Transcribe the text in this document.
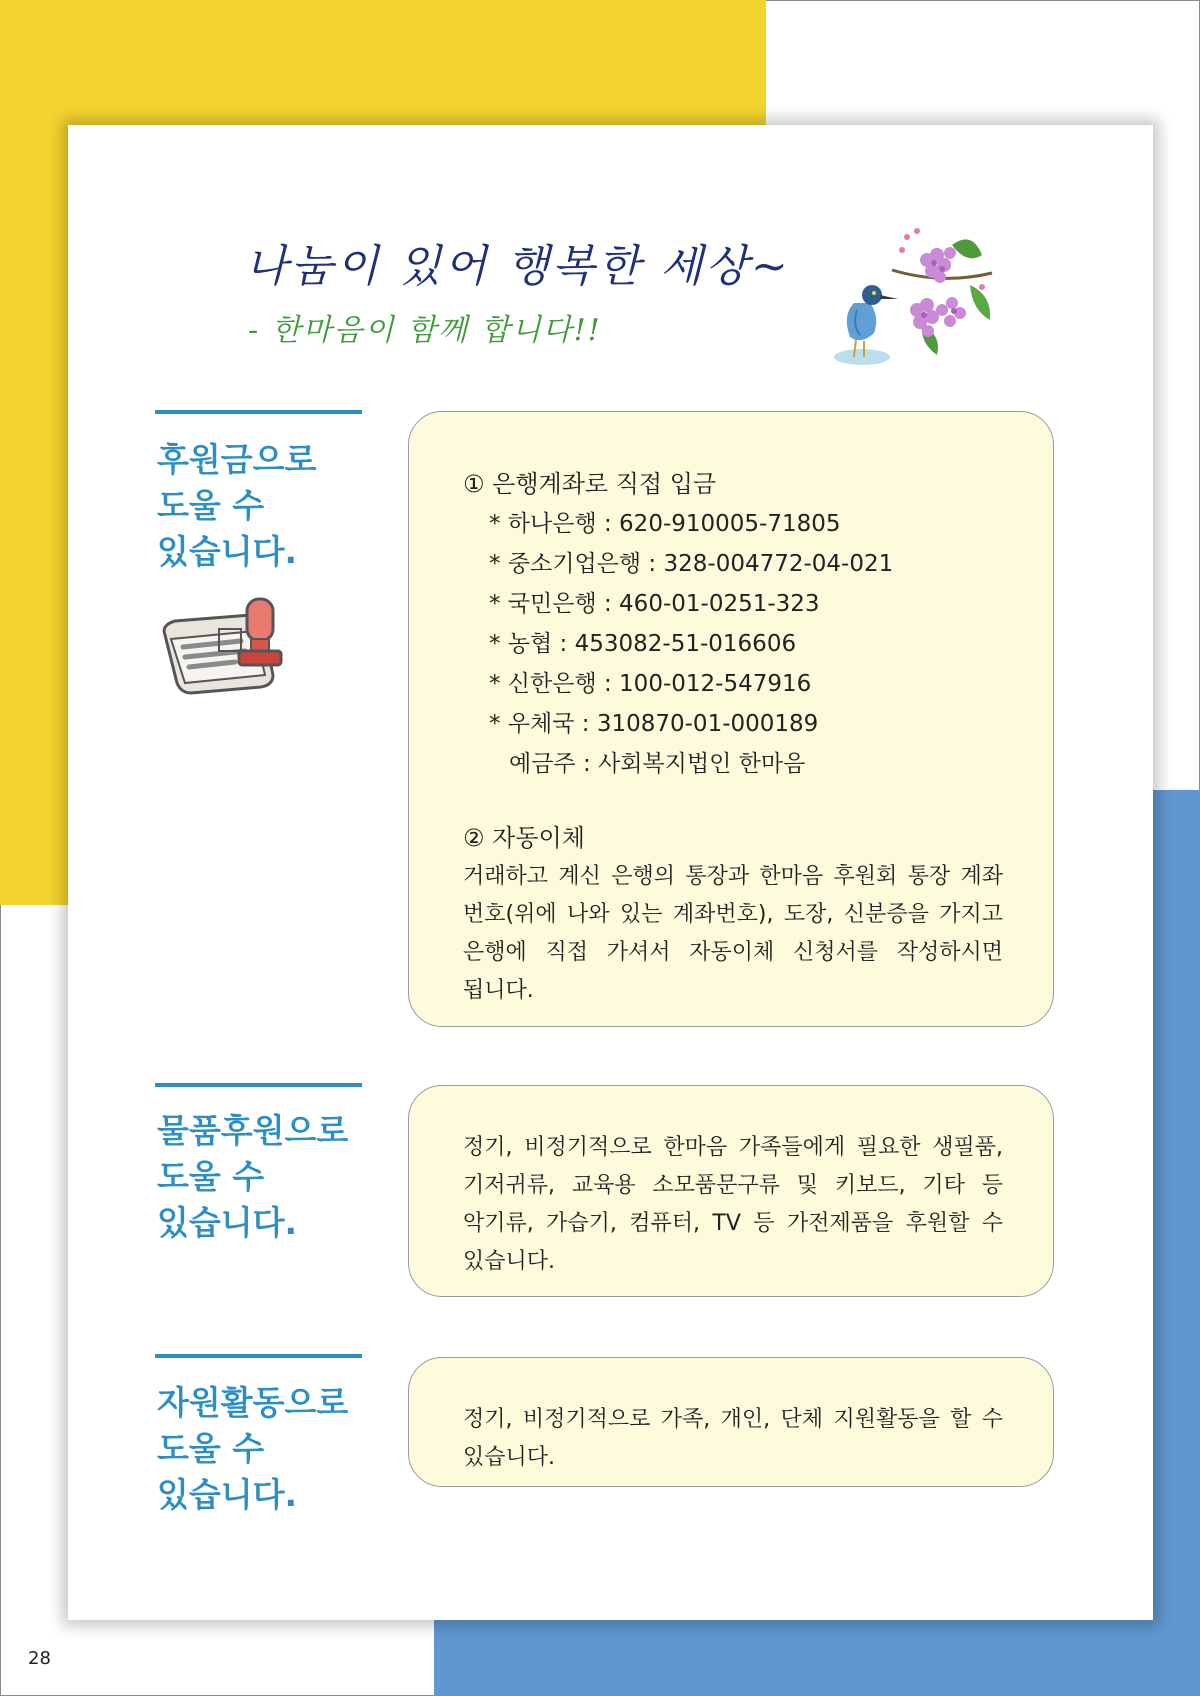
나눔이 있어 행복한 세상~
- 한마음이 함께 합니다!!
후원금으로
도울 수
있습니다.
① 은행계좌로 직접 입금
* 하나은행 : 620-910005-71805
* 중소기업은행 : 328-004772-04-021
* 국민은행 : 460-01-0251-323
* 농협 : 453082-51-016606
* 신한은행 : 100-012-547916
* 우체국 : 310870-01-000189
예금주 : 사회복지법인 한마음
② 자동이체

거래하고 계신 은행의 통장과 한마음 후원회 통장 계좌 번호(위에 나와 있는 계좌번호), 도장, 신분증을 가지고 은행에 직접 가셔서 자동이체 신청서를 작성하시면 됩니다.

물품후원으로
도울 수
있습니다.

정기, 비정기적으로 한마음 가족들에게 필요한 생필품, 기저귀류, 교육용 소모품문구류 및 키보드, 기타 등 악기류, 가습기, 컴퓨터, TV 등 가전제품을 후원할 수 있습니다.

자원활동으로
도울 수
있습니다.

정기, 비정기적으로 가족, 개인, 단체 지원활동을 할 수 있습니다.

28
